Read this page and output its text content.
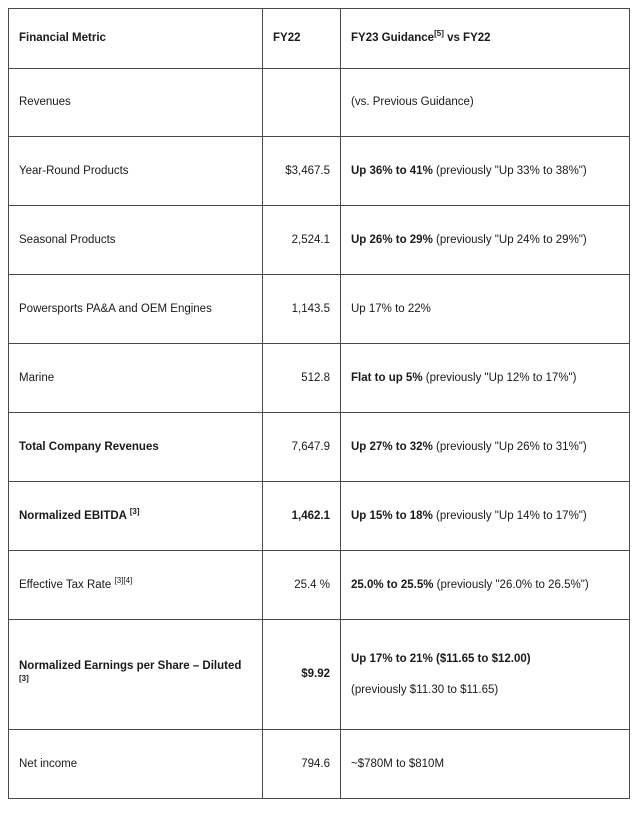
Financial Metric	FY22	FY23 Guidance[5] vs FY22
Revenues		(vs. Previous Guidance)
Year-Round Products	$3,467.5	Up 36% to 41% (previously "Up 33% to 38%")
Seasonal Products	2,524.1	Up 26% to 29% (previously "Up 24% to 29%")
Powersports PA&A and OEM Engines	1,143.5	Up 17% to 22%
Marine	512.8	Flat to up 5% (previously "Up 12% to 17%")
Total Company Revenues	7,647.9	Up 27% to 32% (previously "Up 26% to 31%")
Normalized EBITDA [3]	1,462.1	Up 15% to 18% (previously "Up 14% to 17%")
Effective Tax Rate [3][4]	25.4 %	25.0% to 25.5% (previously "26.0% to 26.5%")
Normalized Earnings per Share – Diluted [3]	$9.92	Up 17% to 21% ($11.65 to $12.00)
(previously $11.30 to $11.65)

Net income	794.6	~$780M to $810M
